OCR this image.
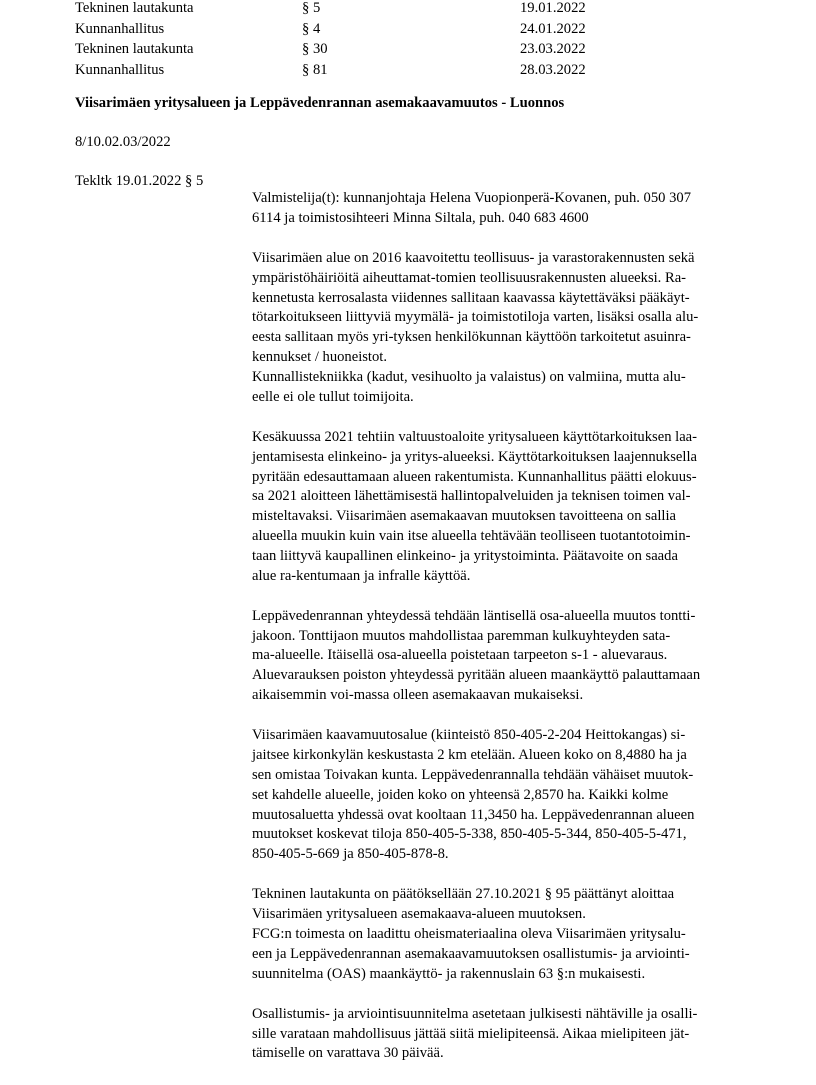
Tekninen lautakunta	§ 5	19.01.2022
Kunnanhallitus	§ 4	24.01.2022
Tekninen lautakunta	§ 30	23.03.2022
Kunnanhallitus	§ 81	28.03.2022
Viisarimäen yritysalueen ja Leppävedenrannan asemakaavamuutos - Luonnos
8/10.02.03/2022
Tekltk 19.01.2022 § 5
Valmistelija(t): kunnanjohtaja Helena Vuopionperä-Kovanen, puh. 050 307
6114 ja toimistosihteeri Minna Siltala, puh. 040 683 4600
Viisarimäen alue on 2016 kaavoitettu teollisuus- ja varastorakennusten sekä
ympäristöhäiriöitä aiheuttamat-tomien teollisuusrakennusten alueeksi. Ra-
kennetusta kerrosalasta viidennes sallitaan kaavassa käytettäväksi pääkäyt-
tötarkoitukseen liittyviä myymälä- ja toimistotiloja varten, lisäksi osalla alu-
eesta sallitaan myös yri-tyksen henkilökunnan käyttöön tarkoitetut asuinra-
kennukset / huoneistot.
Kunnallistekniikka (kadut, vesihuolto ja valaistus) on valmiina, mutta alu-
eelle ei ole tullut toimijoita.
Kesäkuussa 2021 tehtiin valtuustoaloite yritysalueen käyttötarkoituksen laa-
jentamisesta elinkeino- ja yritys-alueeksi. Käyttötarkoituksen laajennuksella
pyritään edesauttamaan alueen rakentumista. Kunnanhallitus päätti elokuus-
sa 2021 aloitteen lähettämisestä hallintopalveluiden ja teknisen toimen val-
misteltavaksi. Viisarimäen asemakaavan muutoksen tavoitteena on sallia
alueella muukin kuin vain itse alueella tehtävään teolliseen tuotantotoimin-
taan liittyvä kaupallinen elinkeino- ja yritystoiminta. Päätavoite on saada
alue ra-kentumaan ja infralle käyttöä.
Leppävedenrannan yhteydessä tehdään läntisellä osa-alueella muutos tontti-
jakoon. Tonttijaon muutos mahdollistaa paremman kulkuyhteyden sata-
ma-alueelle. Itäisellä osa-alueella poistetaan tarpeeton s-1 - aluevaraus.
Aluevarauksen poiston yhteydessä pyritään alueen maankäyttö palauttamaan
aikaisemmin voi-massa olleen asemakaavan mukaiseksi.
Viisarimäen kaavamuutosalue (kiinteistö 850-405-2-204 Heittokangas) si-
jaitsee kirkonkylän keskustasta 2 km etelään. Alueen koko on 8,4880 ha ja
sen omistaa Toivakan kunta. Leppävedenrannalla tehdään vähäiset muutok-
set kahdelle alueelle, joiden koko on yhteensä 2,8570 ha. Kaikki kolme
muutosaluetta yhdessä ovat kooltaan 11,3450 ha. Leppävedenrannan alueen
muutokset koskevat tiloja 850-405-5-338, 850-405-5-344, 850-405-5-471,
850-405-5-669 ja 850-405-878-8.
Tekninen lautakunta on päätöksellään 27.10.2021 § 95 päättänyt aloittaa
Viisarimäen yritysalueen asemakaava-alueen muutoksen.
FCG:n toimesta on laadittu oheismateriaalina oleva Viisarimäen yritysalu-
een ja Leppävedenrannan asemakaavamuutoksen osallistumis- ja arviointi-
suunnitelma (OAS) maankäyttö- ja rakennuslain 63 §:n mukaisesti.
Osallistumis- ja arviointisuunnitelma asetetaan julkisesti nähtäville ja osalli-
sille varataan mahdollisuus jättää siitä mielipiteensä. Aikaa mielipiteen jät-
tämiselle on varattava 30 päivää.
